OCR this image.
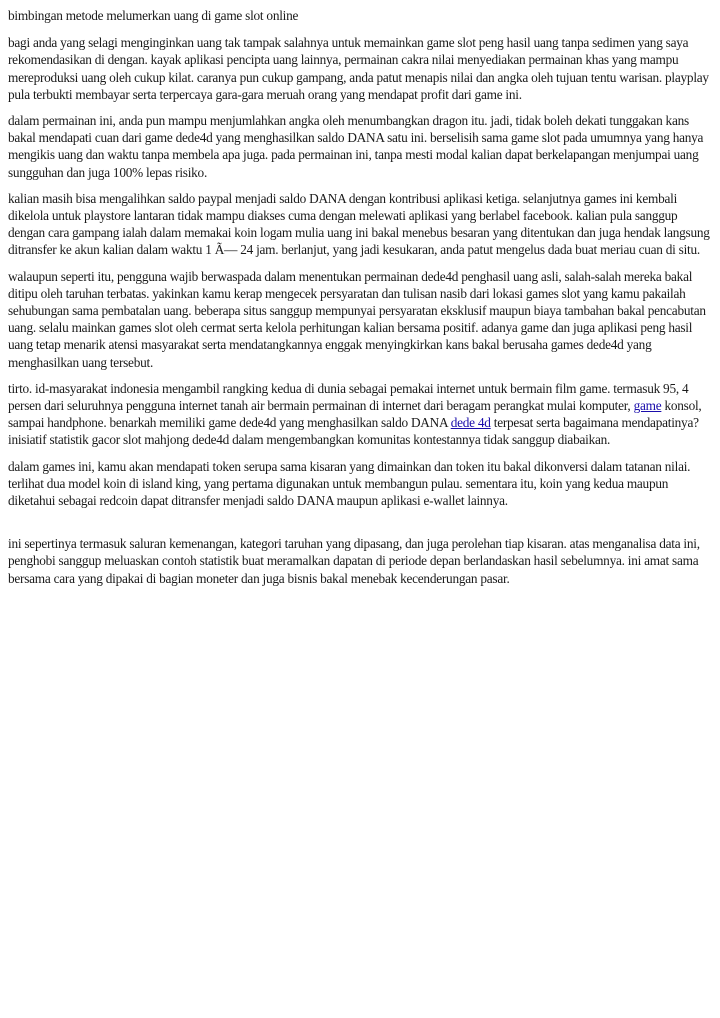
bimbingan metode melumerkan uang di game slot online

bagi anda yang selagi menginginkan uang tak tampak salahnya untuk memainkan game slot peng hasil uang tanpa sedimen yang saya rekomendasikan di dengan. kayak aplikasi pencipta uang lainnya, permainan cakra nilai menyediakan permainan khas yang mampu mereproduksi uang oleh cukup kilat. caranya pun cukup gampang, anda patut menapis nilai dan angka oleh tujuan tentu warisan. playplay pula terbukti membayar serta terpercaya gara-gara meruah orang yang mendapat profit dari game ini.

dalam permainan ini, anda pun mampu menjumlahkan angka oleh menumbangkan dragon itu. jadi, tidak boleh dekati tunggakan kans bakal mendapati cuan dari game dede4d yang menghasilkan saldo DANA satu ini. berselisih sama game slot pada umumnya yang hanya mengikis uang dan waktu tanpa membela apa juga. pada permainan ini, tanpa mesti modal kalian dapat berkelapangan menjumpai uang sungguhan dan juga 100% lepas risiko.

kalian masih bisa mengalihkan saldo paypal menjadi saldo DANA dengan kontribusi aplikasi ketiga. selanjutnya games ini kembali dikelola untuk playstore lantaran tidak mampu diakses cuma dengan melewati aplikasi yang berlabel facebook. kalian pula sanggup dengan cara gampang ialah dalam memakai koin logam mulia uang ini bakal menebus besaran yang ditentukan dan juga hendak langsung ditransfer ke akun kalian dalam waktu 1 Ã— 24 jam. berlanjut, yang jadi kesukaran, anda patut mengelus dada buat meriau cuan di situ.

walaupun seperti itu, pengguna wajib berwaspada dalam menentukan permainan dede4d penghasil uang asli, salah-salah mereka bakal ditipu oleh taruhan terbatas. yakinkan kamu kerap mengecek persyaratan dan tulisan nasib dari lokasi games slot yang kamu pakailah sehubungan sama pembatalan uang. beberapa situs sanggup mempunyai persyaratan eksklusif maupun biaya tambahan bakal pencabutan uang. selalu mainkan games slot oleh cermat serta kelola perhitungan kalian bersama positif. adanya game dan juga aplikasi peng hasil uang tetap menarik atensi masyarakat serta mendatangkannya enggak menyingkirkan kans bakal berusaha games dede4d yang menghasilkan uang tersebut.

tirto. id-masyarakat indonesia mengambil rangking kedua di dunia sebagai pemakai internet untuk bermain film game. termasuk 95, 4 persen dari seluruhnya pengguna internet tanah air bermain permainan di internet dari beragam perangkat mulai komputer, game konsol, sampai handphone. benarkah memiliki game dede4d yang menghasilkan saldo DANA dede 4d terpesat serta bagaimana mendapatinya? inisiatif statistik gacor slot mahjong dede4d dalam mengembangkan komunitas kontestannya tidak sanggup diabaikan.

dalam games ini, kamu akan mendapati token serupa sama kisaran yang dimainkan dan token itu bakal dikonversi dalam tatanan nilai. terlihat dua model koin di island king, yang pertama digunakan untuk membangun pulau. sementara itu, koin yang kedua maupun diketahui sebagai redcoin dapat ditransfer menjadi saldo DANA maupun aplikasi e-wallet lainnya.

ini sepertinya termasuk saluran kemenangan, kategori taruhan yang dipasang, dan juga perolehan tiap kisaran. atas menganalisa data ini, penghobi sanggup meluaskan contoh statistik buat meramalkan dapatan di periode depan berlandaskan hasil sebelumnya. ini amat sama bersama cara yang dipakai di bagian moneter dan juga bisnis bakal menebak kecenderungan pasar.
